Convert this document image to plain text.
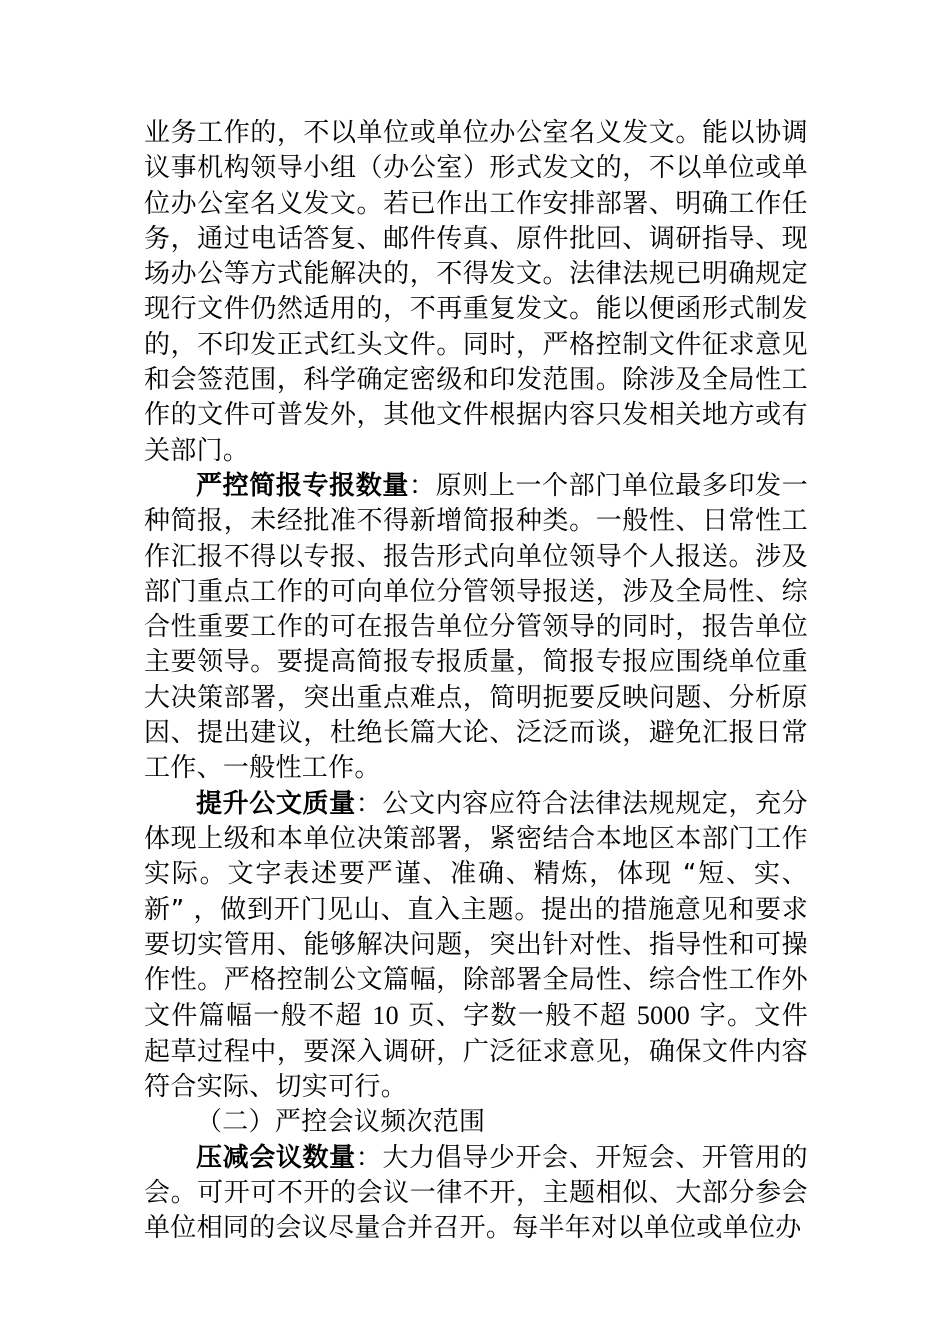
业务工作的，不以单位或单位办公室名义发文。能以协调议事机构领导小组（办公室）形式发文的，不以单位或单位办公室名义发文。若已作出工作安排部署、明确工作任务，通过电话答复、邮件传真、原件批回、调研指导、现场办公等方式能解决的，不得发文。法律法规已明确规定现行文件仍然适用的，不再重复发文。能以便函形式制发的，不印发正式红头文件。同时，严格控制文件征求意见和会签范围，科学确定密级和印发范围。除涉及全局性工作的文件可普发外，其他文件根据内容只发相关地方或有关部门。

严控简报专报数量：原则上一个部门单位最多印发一种简报，未经批准不得新增简报种类。一般性、日常性工作汇报不得以专报、报告形式向单位领导个人报送。涉及部门重点工作的可向单位分管领导报送，涉及全局性、综合性重要工作的可在报告单位分管领导的同时，报告单位主要领导。要提高简报专报质量，简报专报应围绕单位重大决策部署，突出重点难点，简明扼要反映问题、分析原因、提出建议，杜绝长篇大论、泛泛而谈，避免汇报日常工作、一般性工作。

提升公文质量：公文内容应符合法律法规规定，充分体现上级和本单位决策部署，紧密结合本地区本部门工作实际。文字表述要严谨、准确、精炼，体现 “短、实、新” ，做到开门见山、直入主题。提出的措施意见和要求要切实管用、能够解决问题，突出针对性、指导性和可操作性。严格控制公文篇幅，除部署全局性、综合性工作外文件篇幅一般不超 10 页、字数一般不超 5000 字。文件起草过程中，要深入调研，广泛征求意见，确保文件内容符合实际、切实可行。

（二）严控会议频次范围

压减会议数量：大力倡导少开会、开短会、开管用的会。可开可不开的会议一律不开，主题相似、大部分参会单位相同的会议尽量合并召开。每半年对以单位或单位办
